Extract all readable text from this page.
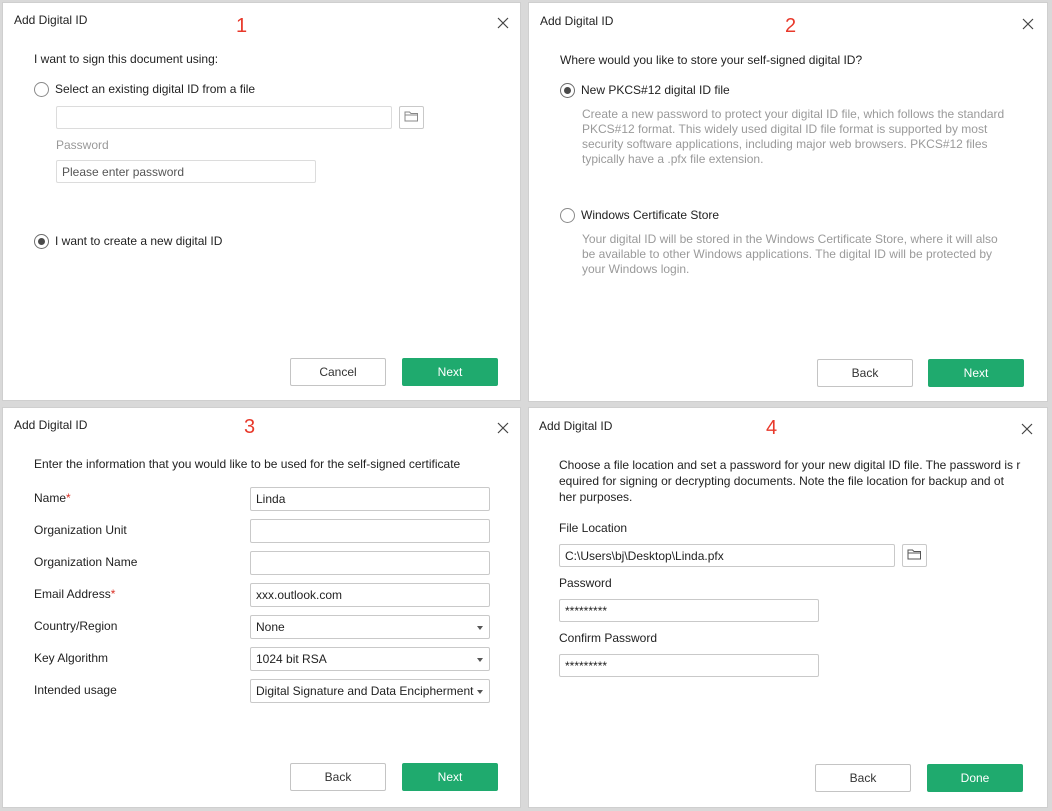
Add Digital ID	1
I want to sign this document using:
Select an existing digital ID from a file
Password
Please enter password
I want to create a new digital ID
Cancel	Next
Add Digital ID	2
Where would you like to store your self-signed digital ID?
New PKCS#12 digital ID file
Create a new password to protect your digital ID file, which follows the standard PKCS#12 format. This widely used digital ID file format is supported by most security software applications, including major web browsers. PKCS#12 files typically have a .pfx file extension.
Windows Certificate Store
Your digital ID will be stored in the Windows Certificate Store, where it will also be available to other Windows applications. The digital ID will be protected by your Windows login.
Back	Next
Add Digital ID	3
Enter the information that you would like to be used for the self-signed certificate
Name*	Linda
Organization Unit
Organization Name
Email Address*	xxx.outlook.com
Country/Region	None
Key Algorithm	1024 bit RSA
Intended usage	Digital Signature and Data Encipherment
Back	Next
Add Digital ID	4
Choose a file location and set a password for your new digital ID file. The password is r
equired for signing or decrypting documents. Note the file location for backup and ot
her purposes.
File Location
C:\Users\bj\Desktop\Linda.pfx
Password
*********
Confirm Password
*********
Back	Done
